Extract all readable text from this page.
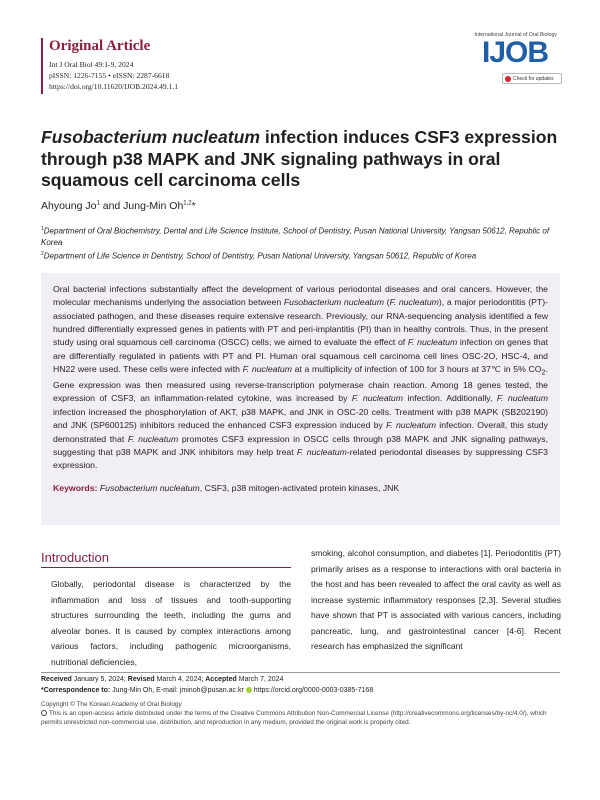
Original Article
Int J Oral Biol 49:1-9, 2024
pISSN: 1226-7155 • eISSN: 2287-6618
https://doi.org/10.11620/IJOB.2024.49.1.1
International Journal of Oral Biology
IJOB
Check for updates
Fusobacterium nucleatum infection induces CSF3 expression through p38 MAPK and JNK signaling pathways in oral squamous cell carcinoma cells
Ahyoung Jo$^1$ and Jung-Min Oh$^{1,2}$*

$^1$Department of Oral Biochemistry, Dental and Life Science Institute, School of Dentistry, Pusan National University, Yangsan 50612, Republic of Korea

$^2$Department of Life Science in Dentistry, School of Dentistry, Pusan National University, Yangsan 50612, Republic of Korea

Oral bacterial infections substantially affect the development of various periodontal diseases and oral cancers. However, the molecular mechanisms underlying the association between Fusobacterium nucleatum (F. nucleatum), a major periodontitis (PT)-associated pathogen, and these diseases require extensive research. Previously, our RNA-sequencing analysis identified a few hundred differentially expressed genes in patients with PT and peri-implantitis (PI) than in healthy controls. Thus, in the present study using oral squamous cell carcinoma (OSCC) cells, we aimed to evaluate the effect of F. nucleatum infection on genes that are differentially regulated in patients with PT and PI. Human oral squamous cell carcinoma cell lines OSC-2O, HSC-4, and HN22 were used. These cells were infected with F. nucleatum at a multiplicity of infection of 100 for 3 hours at 37℃ in 5% $CO_2$. Gene expression was then measured using reverse-transcription polymerase chain reaction. Among 18 genes tested, the expression of CSF3, an inflammation-related cytokine, was increased by F. nucleatum infection. Additionally, F. nucleatum infection increased the phosphorylation of AKT, p38 MAPK, and JNK in OSC-20 cells. Treatment with p38 MAPK (SB202190) and JNK (SP600125) inhibitors reduced the enhanced CSF3 expression induced by F. nucleatum infection. Overall, this study demonstrated that F. nucleatum promotes CSF3 expression in OSCC cells through p38 MAPK and JNK signaling pathways, suggesting that p38 MAPK and JNK inhibitors may help treat F. nucleatum-related periodontal diseases by suppressing CSF3 expression.

Keywords: Fusobacterium nucleatum, CSF3, p38 mitogen-activated protein kinases, JNK

Introduction

Globally, periodontal disease is characterized by the inflammation and loss of tissues and tooth-supporting structures surrounding the teeth, including the gums and alveolar bones. It is caused by complex interactions among various factors, including pathogenic microorganisms, nutritional deficiencies,

smoking, alcohol consumption, and diabetes [1]. Periodontitis (PT) primarily arises as a response to interactions with oral bacteria in the host and has been revealed to affect the oral cavity as well as increase systemic inflammatory responses [2,3]. Several studies have shown that PT is associated with various cancers, including pancreatic, lung, and gastrointestinal cancer [4-6]. Recent research has emphasized the significant

Received January 5, 2024; Revised March 4, 2024; Accepted March 7, 2024
*Correspondence to: Jung-Min Oh, E-mail: jminoh@pusan.ac.kr https://orcid.org/0000-0003-0385-7168
Copyright © The Korean Academy of Oral Biology
This is an open-access article distributed under the terms of the Creative Commons Attribution Non-Commercial License (http://creativecommons.org/licenses/by-nc/4.0/), which permits unrestricted non-commercial use, distribution, and reproduction in any medium, provided the original work is properly cited.
